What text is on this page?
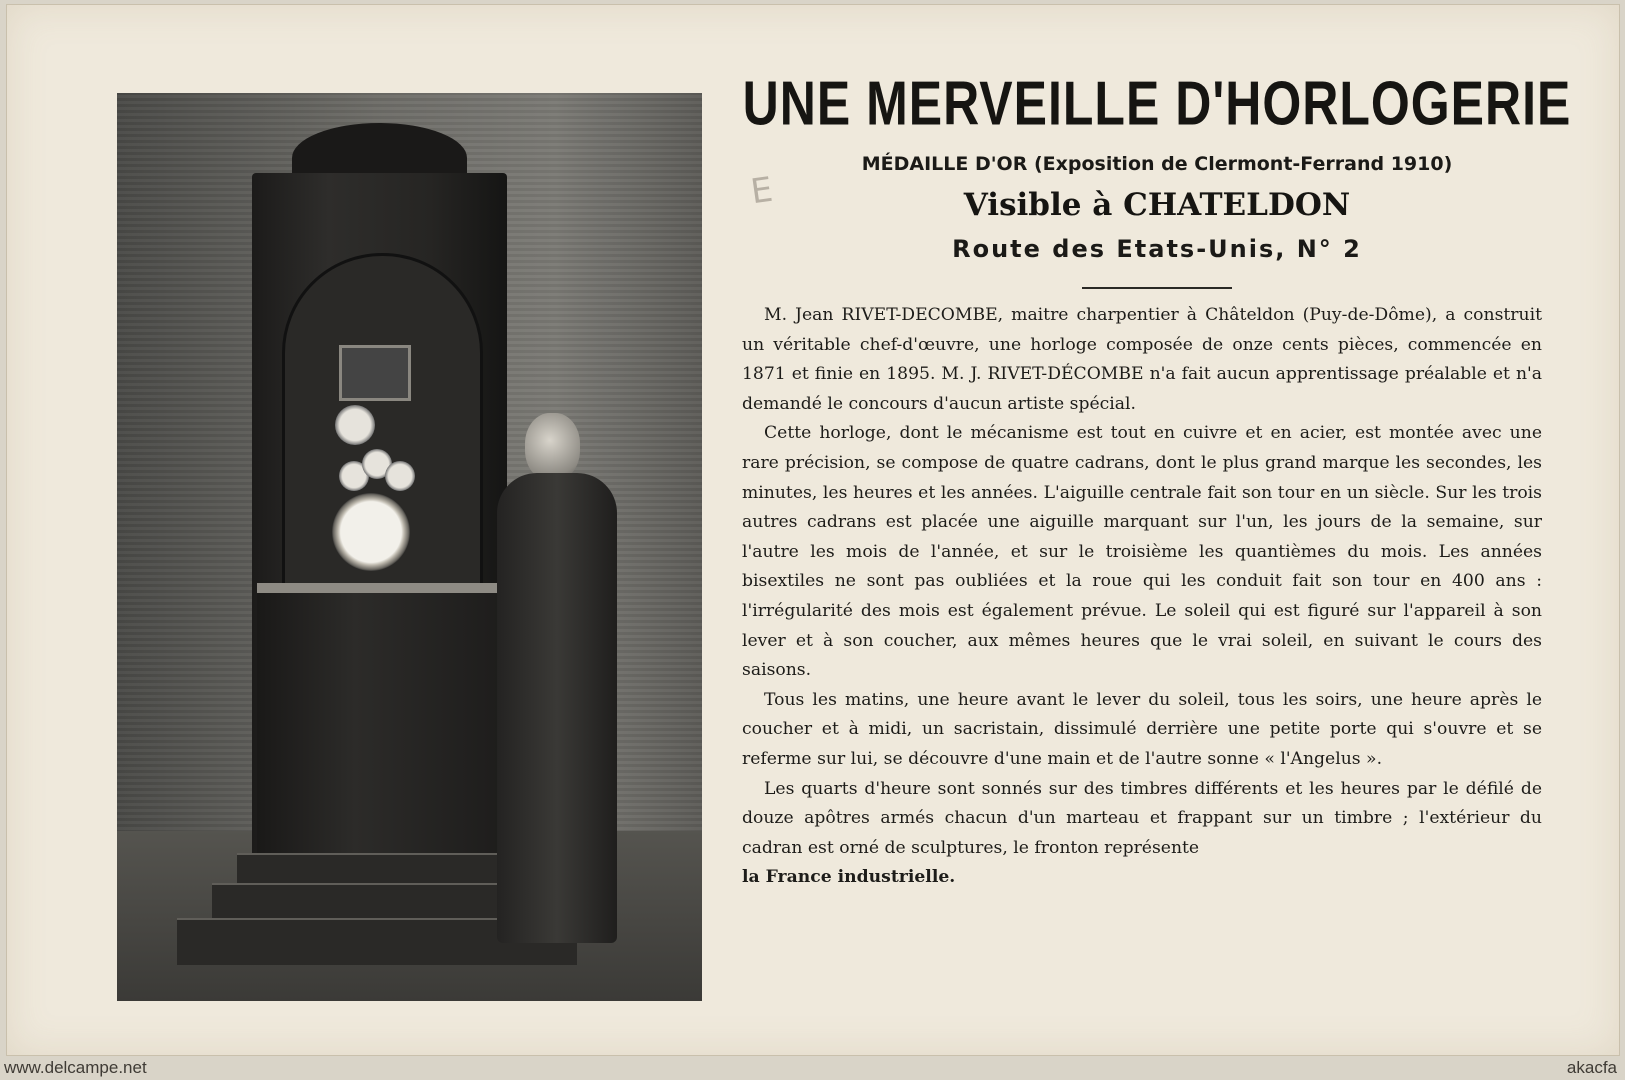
E
UNE MERVEILLE D'HORLOGERIE
MÉDAILLE D'OR (Exposition de Clermont-Ferrand 1910)
Visible à CHATELDON
Route des Etats-Unis, N° 2

M. Jean RIVET-DECOMBE, maitre charpentier à Châteldon (Puy-de-Dôme), a construit un véritable chef-d'œuvre, une horloge composée de onze cents pièces, commencée en 1871 et finie en 1895. M. J. RIVET-DÉCOMBE n'a fait aucun apprentissage préalable et n'a demandé le concours d'aucun artiste spécial.

Cette horloge, dont le mécanisme est tout en cuivre et en acier, est montée avec une rare précision, se compose de quatre cadrans, dont le plus grand marque les secondes, les minutes, les heures et les années. L'aiguille centrale fait son tour en un siècle. Sur les trois autres cadrans est placée une aiguille marquant sur l'un, les jours de la semaine, sur l'autre les mois de l'année, et sur le troisième les quantièmes du mois. Les années bisextiles ne sont pas oubliées et la roue qui les conduit fait son tour en 400 ans : l'irrégularité des mois est également prévue. Le soleil qui est figuré sur l'appareil à son lever et à son coucher, aux mêmes heures que le vrai soleil, en suivant le cours des saisons.

Tous les matins, une heure avant le lever du soleil, tous les soirs, une heure après le coucher et à midi, un sacristain, dissimulé derrière une petite porte qui s'ouvre et se referme sur lui, se découvre d'une main et de l'autre sonne « l'Angelus ».

Les quarts d'heure sont sonnés sur des timbres différents et les heures par le défilé de douze apôtres armés chacun d'un marteau et frappant sur un timbre ; l'extérieur du cadran est orné de sculptures, le fronton représente

la France industrielle.
www.delcampe.net	akacfa
